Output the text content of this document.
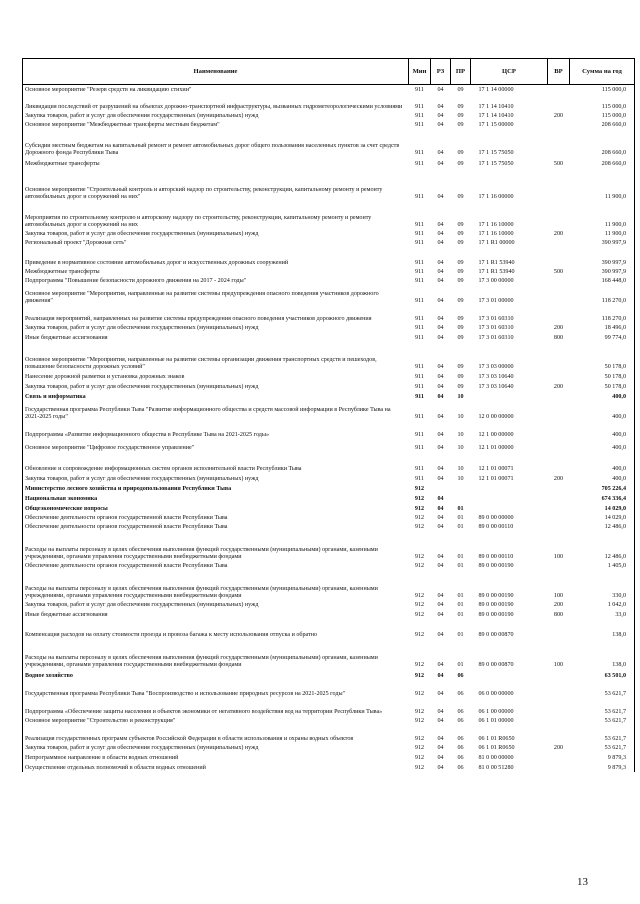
Наименование	Мин	РЗ	ПР	ЦСР	ВР	Сумма на год
Основное мероприятие "Резерв средств на ликвидацию стихии"	911	04	09	17 1 14 00000		115 000,0
Ликвидация последствий от разрушений на объектах дорожно-транспортной инфраструктуры, вызванных гидрометеорологическими условиями	911	04	09	17 1 14 10410		115 000,0
Закупка товаров, работ и услуг для обеспечения государственных (муниципальных) нужд	911	04	09	17 1 14 10410	200	115 000,0
Основное мероприятие "Межбюджетные трансферты местным бюджетам"	911	04	09	17 1 15 00000		208 660,0
Субсидии местным бюджетам на капитальный ремонт и ремонт автомобильных дорог общего пользования населенных пунктов за счет средств Дорожного фонда Республики Тыва	911	04	09	17 1 15 75050		208 660,0
Межбюджетные трансферты	911	04	09	17 1 15 75050	500	208 660,0
Основное мероприятие "Строительный контроль и авторский надзор по строительству, реконструкции, капитальному ремонту и ремонту автомобильных дорог и сооружений на них"	911	04	09	17 1 16 00000		11 900,0
Мероприятия по строительному контролю и авторскому надзору по строительству, реконструкции, капитальному ремонту и ремонту автомобильных дорог и сооружений на них	911	04	09	17 1 16 10000		11 900,0
Закупка товаров, работ и услуг для обеспечения государственных (муниципальных) нужд	911	04	09	17 1 16 10000	200	11 900,0
Региональный проект "Дорожная сеть"	911	04	09	17 1 R1 00000		390 997,9
Приведение в нормативное состояние автомобильных дорог и искусственных дорожных сооружений	911	04	09	17 1 R1 53940		390 997,9
Межбюджетные трансферты	911	04	09	17 1 R1 53940	500	390 997,9
Подпрограмма "Повышение безопасности дорожного движения на 2017 - 2024 годы"	911	04	09	17 3 00 00000		168 448,0
Основное мероприятие "Мероприятия, направленные на развитие системы предупреждения опасного поведения участников дорожного движения"	911	04	09	17 3 01 00000		118 270,0
Реализация мероприятий, направленных на развитие системы предупреждения опасного поведения участников дорожного движения	911	04	09	17 3 01 60310		118 270,0
Закупка товаров, работ и услуг для обеспечения государственных (муниципальных) нужд	911	04	09	17 3 01 60310	200	18 496,0
Иные бюджетные ассигнования	911	04	09	17 3 01 60310	800	99 774,0
Основное мероприятие "Мероприятия, направленные на развитие системы организации движения транспортных средств и пешеходов, повышение безопасности дорожных условий"	911	04	09	17 3 03 00000		50 178,0
Нанесение дорожной разметки и установка дорожных знаков	911	04	09	17 3 03 10640		50 178,0
Закупка товаров, работ и услуг для обеспечения государственных (муниципальных) нужд	911	04	09	17 3 03 10640	200	50 178,0
Связь и информатика	911	04	10			400,0
Государственная программа Республики Тыва "Развитие информационного общества и средств массовой информации в Республике Тыва на 2021-2025 годы"	911	04	10	12 0 00 00000		400,0
Подпрограмма «Развитие информационного общества в Республике Тыва на 2021-2025 годы»	911	04	10	12 1 00 00000		400,0
Основное мероприятие "Цифровое государственное управление"	911	04	10	12 1 01 00000		400,0
Обновление и сопровождение информационных систем органов исполнительной власти Республики Тыва	911	04	10	12 1 01 00071		400,0
Закупка товаров, работ и услуг для обеспечения государственных (муниципальных) нужд	911	04	10	12 1 01 00071	200	400,0
Министерство лесного хозяйства и природопользования Республики Тыва	912					705 226,4
Национальная экономика	912	04				674 336,4
Общеэкономические вопросы	912	04	01			14 029,0
Обеспечение деятельности органов государственной власти Республики Тыва	912	04	01	89 0 00 00000		14 029,0
Обеспечение деятельности органов государственной власти Республики Тыва	912	04	01	89 0 00 00110		12 486,0
Расходы на выплаты персоналу в целях обеспечения выполнения функций государственными (муниципальными) органами, казенными учреждениями, органами управления государственными внебюджетными фондами	912	04	01	89 0 00 00110	100	12 486,0
Обеспечение деятельности органов государственной власти Республики Тыва	912	04	01	89 0 00 00190		1 405,0
Расходы на выплаты персоналу в целях обеспечения выполнения функций государственными (муниципальными) органами, казенными учреждениями, органами управления государственными внебюджетными фондами	912	04	01	89 0 00 00190	100	330,0
Закупка товаров, работ и услуг для обеспечения государственных (муниципальных) нужд	912	04	01	89 0 00 00190	200	1 042,0
Иные бюджетные ассигнования	912	04	01	89 0 00 00190	800	33,0
Компенсация расходов на оплату стоимости проезда и провоза багажа к месту использования отпуска и обратно	912	04	01	89 0 00 00870		138,0
Расходы на выплаты персоналу в целях обеспечения выполнения функций государственными (муниципальными) органами, казенными учреждениями, органами управления государственными внебюджетными фондами	912	04	01	89 0 00 00870	100	138,0
Водное хозяйство	912	04	06			63 501,0
Государственная программа Республики Тыва "Воспроизводство и использование природных ресурсов на 2021-2025 годы"	912	04	06	06 0 00 00000		53 621,7
Подпрограмма «Обеспечение защиты населения и объектов экономики от негативного воздействия вод на территории Республики Тыва»	912	04	06	06 1 00 00000		53 621,7
Основное мероприятие "Строительство и реконструкция"	912	04	06	06 1 01 00000		53 621,7
Реализация государственных программ субъектов Российской Федерации в области использования и охраны водных объектов	912	04	06	06 1 01 R0650		53 621,7
Закупка товаров, работ и услуг для обеспечения государственных (муниципальных) нужд	912	04	06	06 1 01 R0650	200	53 621,7
Непрограммное направление в области водных отношений	912	04	06	81 0 00 00000		9 879,3
Осуществление отдельных полномочий в области водных отношений	912	04	06	81 0 00 51280		9 879,3
13
